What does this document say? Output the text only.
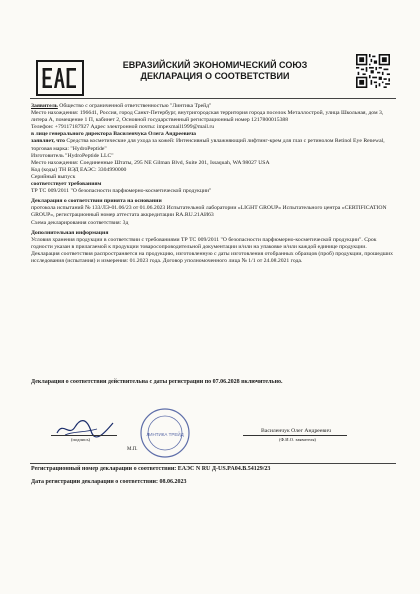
ЕВРАЗИЙСКИЙ ЭКОНОМИЧЕСКИЙ СОЮЗ
ДЕКЛАРАЦИЯ О СООТВЕТСТВИИ

Заявитель Общество с ограниченной ответственностью "Линтика Трейд"

Место нахождения: 196641, Россия, город Санкт-Петербург, внутригородская территория города поселок Металлострой, улица Школьная, дом 3, литера А, помещение 1 П, кабинет 2, Основной государственный регистрационный номер 1217800015388

Телефон: +79117187927 Адрес электронной почты: impexmail1999@mail.ru

в лице генерального директора Василенчука Олега Андреевича

заявляет, что Средства косметические для ухода за кожей: Интенсивный увлажняющий лифтинг-крем для глаз с ретинолом Retinol Eye Renewal, торговая марка: "HydroPeptide"

Изготовитель "HydroPeptide LLC"

Место нахождения: Соединенные Штаты, 295 NE Gilman Blvd, Suite 201, Issaquah, WA 98027 USA

Код (коды) ТН ВЭД ЕАЭС: 3304990000

Серийный выпуск

соответствует требованиям

ТР ТС 009/2011 "О безопасности парфюмерно-косметической продукции"

Декларация о соответствии принята на основании

протокола испытаний № 133/ЛЭ-01.06/23 от 01.06.2023 Испытательной лаборатории «LIGHT GROUP» Испытательного центра «CERTIFICATION GROUP», регистрационный номер аттестата аккредитации RA.RU.21АИ63

Схема декларирования соответствия: 3д

Дополнительная информация

Условия хранения продукции в соответствии с требованиями ТР ТС 009/2011 "О безопасности парфюмерно-косметической продукции". Срок годности указан в прилагаемой к продукции товаросопроводительной документации и/или на упаковке и/или каждой единице продукции. Декларация соответствия распространяется на продукцию, изготовленную с даты изготовления отобранных образцов (проб) продукции, прошедших исследования (испытания) и измерения: 01.2023 года. Договор уполномоченного лица № 1/1 от 24.08.2021 года.

Декларация о соответствии действительна с даты регистрации по 07.06.2028 включительно.
ЛИНТИКА ТРЕЙД
(подпись)
М.П.
Василенчук Олег Андреевич
(Ф.И.О. заявителя)
Регистрационный номер декларации о соответствии: ЕАЭС N RU Д-US.PA04.B.54129/23
Дата регистрации декларации о соответствии: 08.06.2023
